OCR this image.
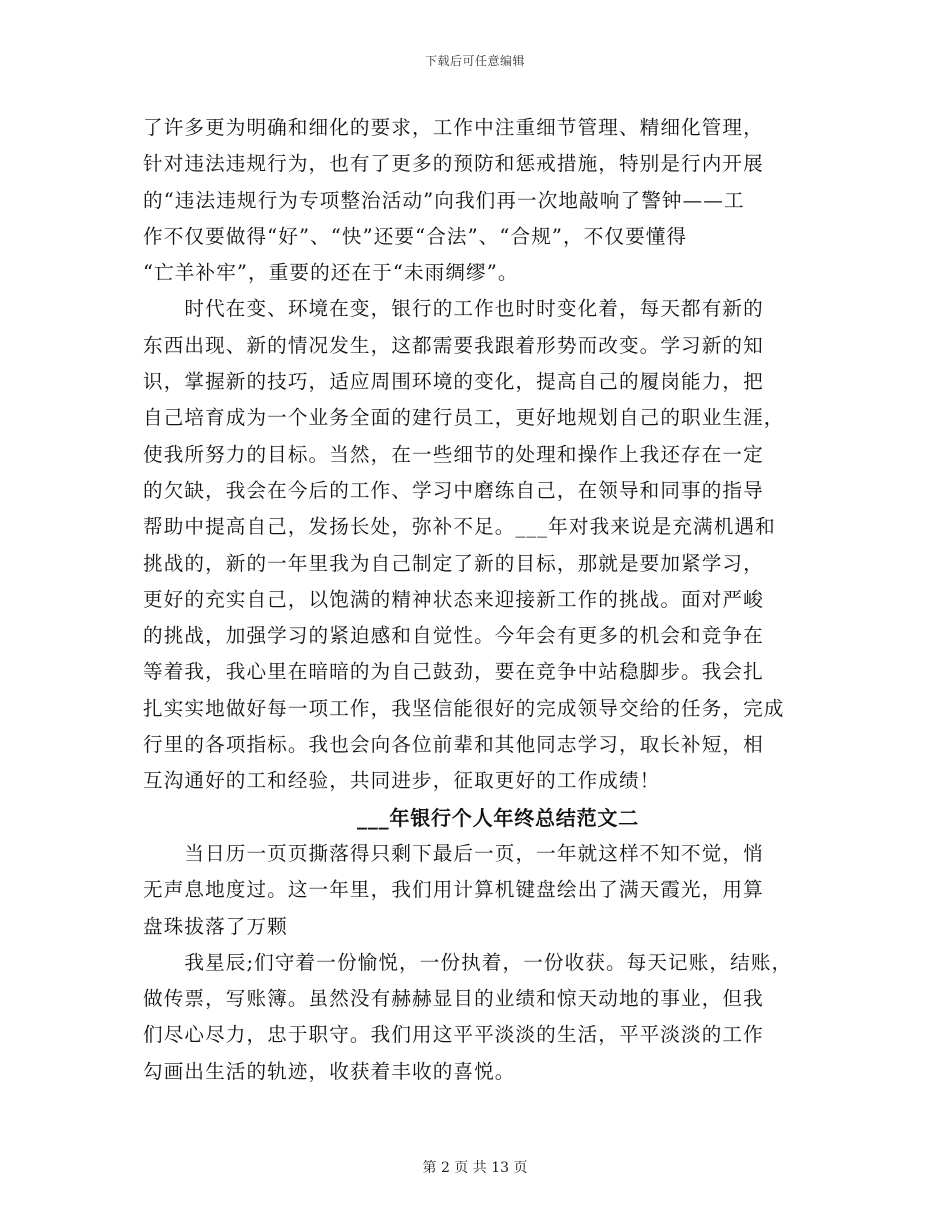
下载后可任意编辑
了许多更为明确和细化的要求，工作中注重细节管理、精细化管理，
针对违法违规行为，也有了更多的预防和惩戒措施，特别是行内开展
的“违法违规行为专项整治活动”向我们再一次地敲响了警钟——工
作不仅要做得“好”、“快”还要“合法”、“合规”，不仅要懂得
“亡羊补牢”，重要的还在于“未雨绸缪”。
　　时代在变、环境在变，银行的工作也时时变化着，每天都有新的
东西出现、新的情况发生，这都需要我跟着形势而改变。学习新的知
识，掌握新的技巧，适应周围环境的变化，提高自己的履岗能力，把
自己培育成为一个业务全面的建行员工，更好地规划自己的职业生涯，
使我所努力的目标。当然，在一些细节的处理和操作上我还存在一定
的欠缺，我会在今后的工作、学习中磨练自己，在领导和同事的指导
帮助中提高自己，发扬长处，弥补不足。___年对我来说是充满机遇和
挑战的，新的一年里我为自己制定了新的目标，那就是要加紧学习，
更好的充实自己，以饱满的精神状态来迎接新工作的挑战。面对严峻
的挑战，加强学习的紧迫感和自觉性。今年会有更多的机会和竞争在
等着我，我心里在暗暗的为自己鼓劲，要在竞争中站稳脚步。我会扎
扎实实地做好每一项工作，我坚信能很好的完成领导交给的任务，完成
行里的各项指标。我也会向各位前辈和其他同志学习，取长补短，相
互沟通好的工和经验，共同进步，征取更好的工作成绩！
___年银行个人年终总结范文二
　　当日历一页页撕落得只剩下最后一页，一年就这样不知不觉，悄
无声息地度过。这一年里，我们用计算机键盘绘出了满天霞光，用算
盘珠拔落了万颗
　　我星辰;们守着一份愉悦，一份执着，一份收获。每天记账，结账，
做传票，写账簿。虽然没有赫赫显目的业绩和惊天动地的事业，但我
们尽心尽力，忠于职守。我们用这平平淡淡的生活，平平淡淡的工作
勾画出生活的轨迹，收获着丰收的喜悦。
第 2 页 共 13 页
